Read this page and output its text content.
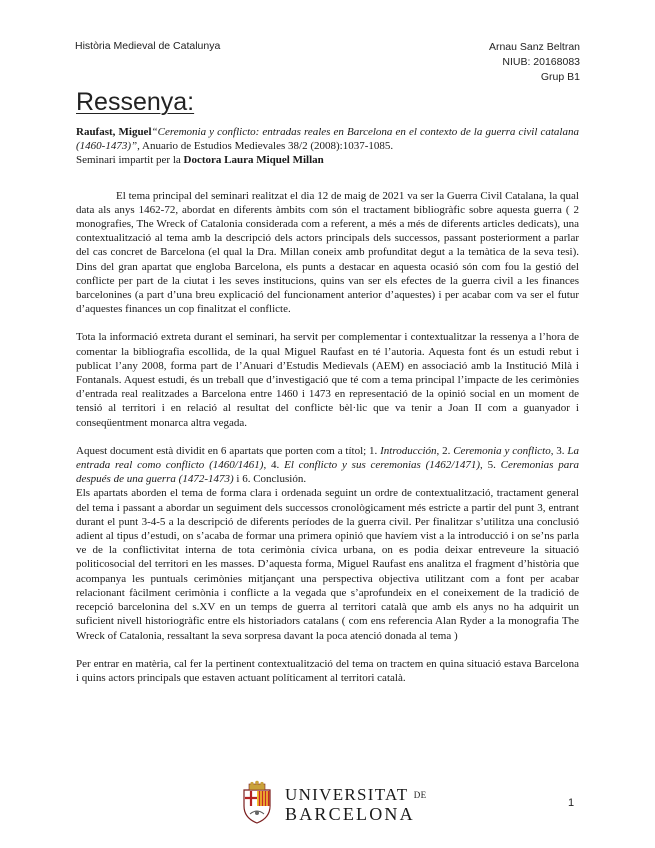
Història Medieval de Catalunya	Arnau Sanz Beltran
NIUB: 20168083
Grup B1
Ressenya:

Raufast, Miguel“Ceremonia y conflicto: entradas reales en Barcelona en el contexto de la guerra civil catalana (1460-1473)”, Anuario de Estudios Medievales 38/2 (2008):1037-1085.

Seminari impartit per la Doctora Laura Miquel Millan

El tema principal del seminari realitzat el dia 12 de maig de 2021 va ser la Guerra Civil Catalana, la qual data als anys 1462-72, abordat en diferents àmbits com són el tractament bibliogràfic sobre aquesta guerra ( 2 monografies, The Wreck of Catalonia considerada com a referent, a més a més de diferents articles dedicats), una contextualització al tema amb la descripció dels actors principals dels successos, passant posteriorment a parlar del cas concret de Barcelona (el qual la Dra. Millan coneix amb profunditat degut a la temàtica de la seva tesi). Dins del gran apartat que engloba Barcelona, els punts a destacar en aquesta ocasió són com fou la gestió del conflicte per part de la ciutat i les seves institucions, quins van ser els efectes de la guerra civil a les finances barcelonines (a part d’una breu explicació del funcionament anterior d’aquestes) i per acabar com va ser el futur d’aquestes finances un cop finalitzat el conflicte.

Tota la informació extreta durant el seminari, ha servit per complementar i contextualitzar la ressenya a l’hora de comentar la bibliografia escollida, de la qual Miguel Raufast en té l’autoria. Aquesta font és un estudi rebut i publicat l’any 2008, forma part de l’Anuari d’Estudis Medievals (AEM) en associació amb la Institució Milà i Fontanals. Aquest estudi, és un treball que d’investigació que té com a tema principal l’impacte de les cerimònies d’entrada real realitzades a Barcelona entre 1460 i 1473 en representació de la opinió social en un moment de tensió al territori i en relació al resultat del conflicte bèl·lic que va tenir a Joan II com a guanyador i conseqüentment monarca altra vegada.

Aquest document està dividit en 6 apartats que porten com a títol; 1. Introducción, 2. Ceremonia y conflicto, 3. La entrada real como conflicto (1460/1461), 4. El conflicto y sus ceremonias (1462/1471), 5. Ceremonias para después de una guerra (1472-1473) i 6. Conclusión.

Els apartats aborden el tema de forma clara i ordenada seguint un ordre de contextualització, tractament general del tema i passant a abordar un seguiment dels successos cronològicament més estricte a partir del punt 3, entrant durant el punt 3-4-5 a la descripció de diferents períodes de la guerra civil. Per finalitzar s’utilitza una conclusió adient al tipus d’estudi, on s’acaba de formar una primera opinió que havíem vist a la introducció i on se’ns parla ve de la conflictivitat interna de tota cerimònia cívica urbana, on es podia deixar entreveure la situació politicosocial del territori en les masses. D’aquesta forma, Miguel Raufast ens analitza el fragment d’història que acompanya les puntuals cerimònies mitjançant una perspectiva objectiva utilitzant com a font per acabar relacionant fàcilment cerimònia i conflicte a la vegada que s’aprofundeix en el coneixement de la tradició de recepció barcelonina del s.XV en un temps de guerra al territori català que amb els anys no ha adquirit un suficient nivell historiogràfic entre els historiadors catalans ( com ens referencia Alan Ryder a la monografia The Wreck of Catalonia, ressaltant la seva sorpresa davant la poca atenció donada al tema )

Per entrar en matèria, cal fer la pertinent contextualització del tema on tractem en quina situació estava Barcelona i quins actors principals que estaven actuant políticament al territori català.

UNIVERSITAT DE
BARCELONA
1
